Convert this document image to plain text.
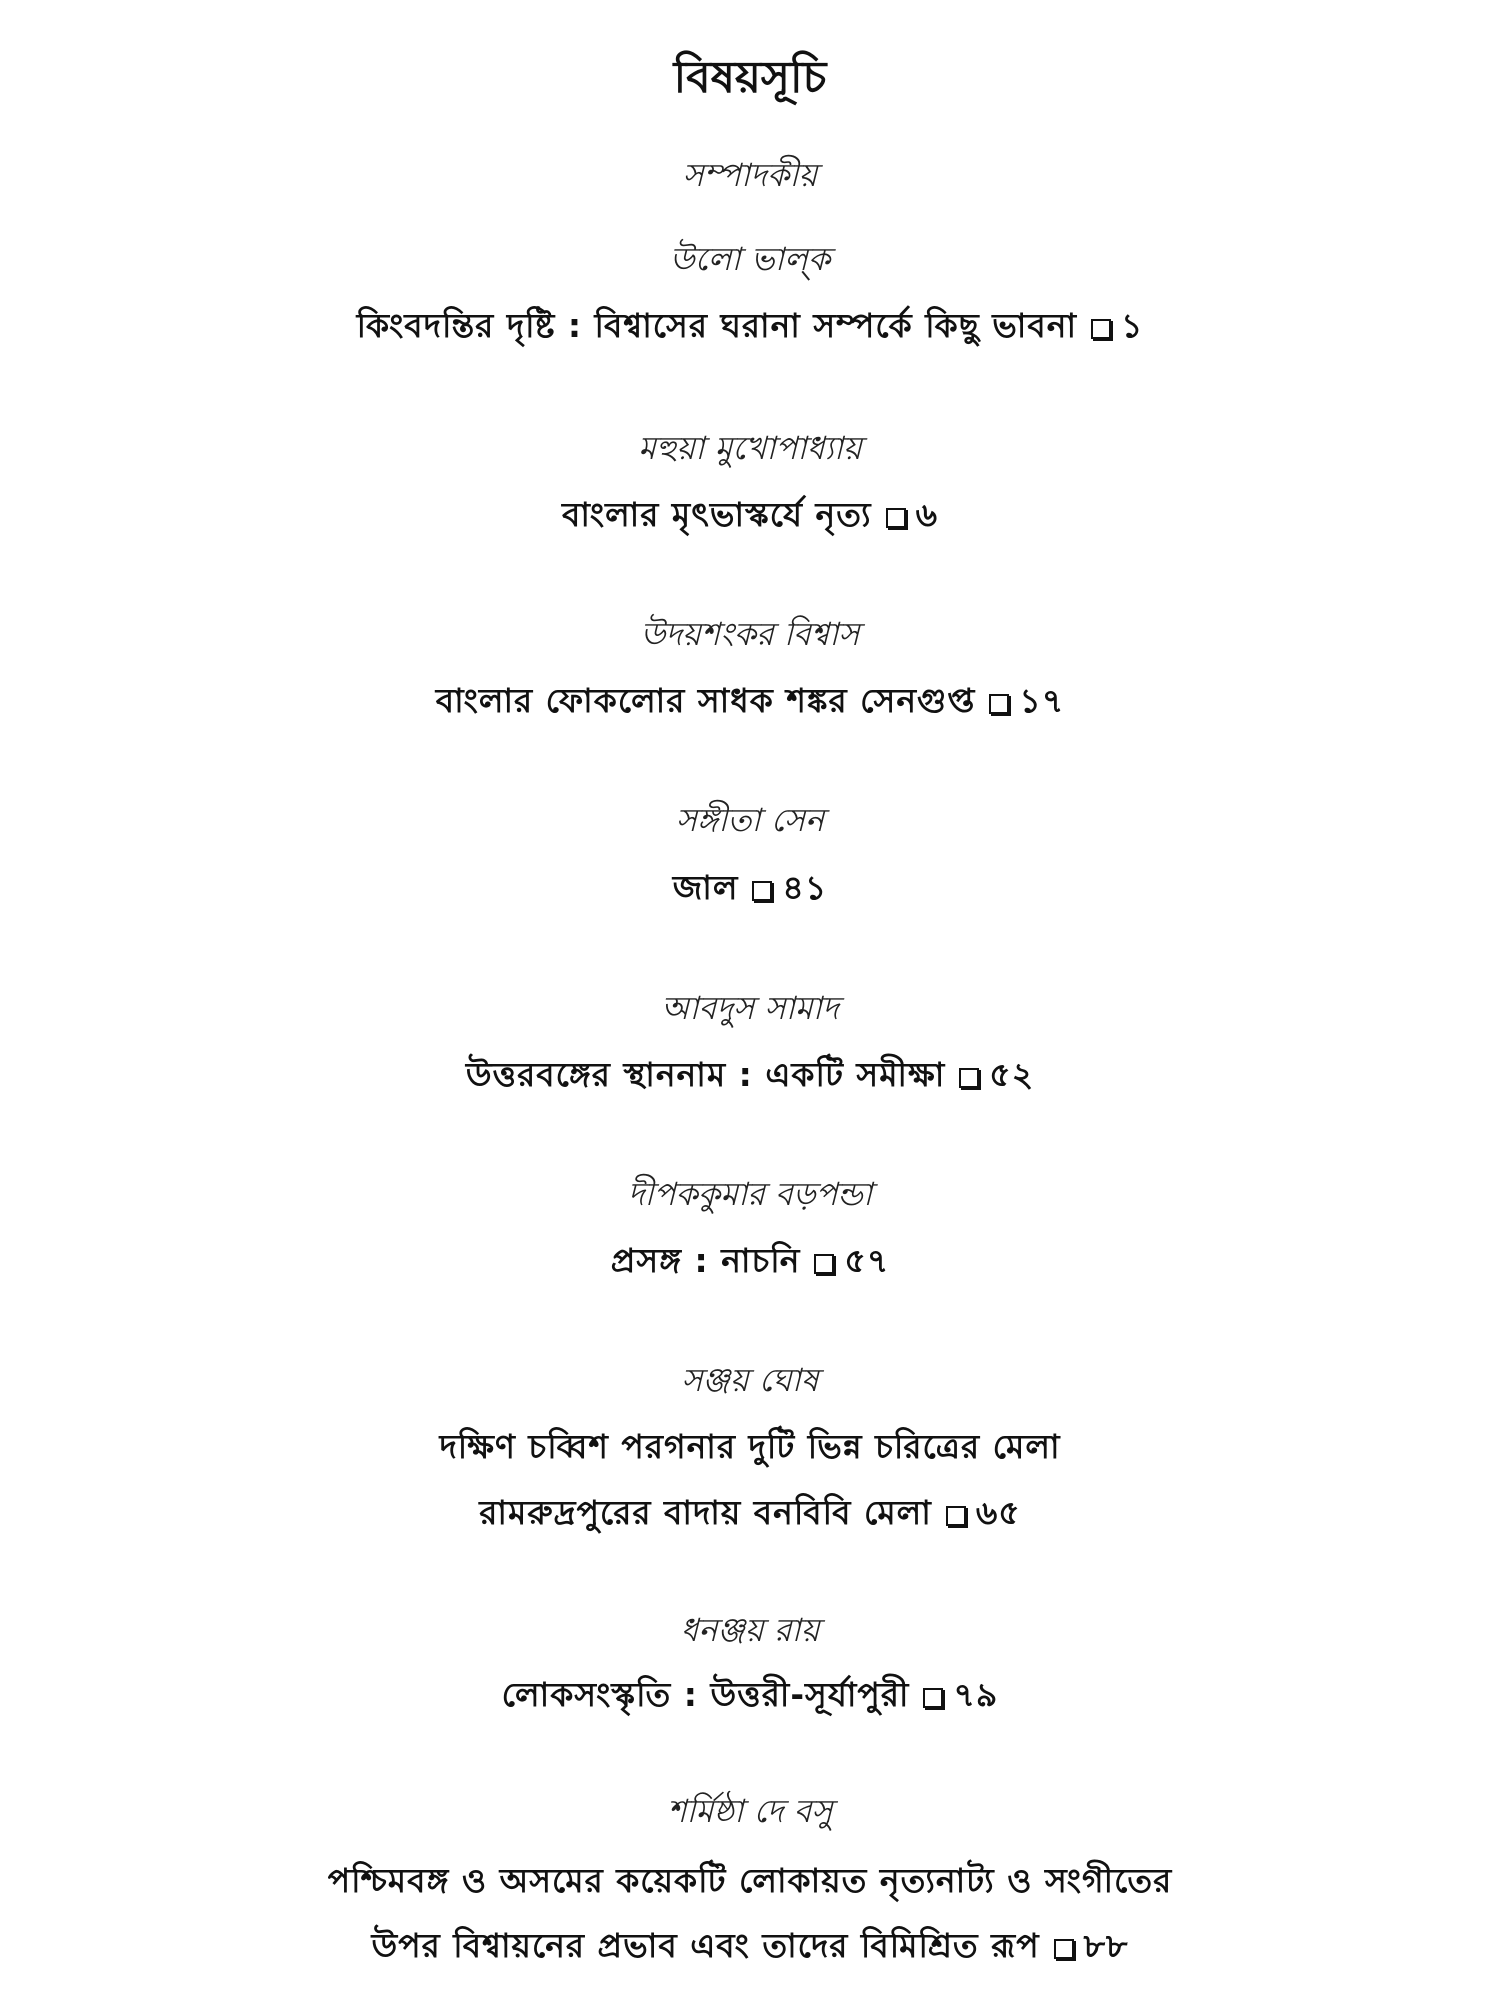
বিষয়সূচি
সম্পাদকীয়
উলো ভাল্‌ক
কিংবদন্তির দৃষ্টি : বিশ্বাসের ঘরানা সম্পর্কে কিছু ভাবনা ১
মহুয়া মুখোপাধ্যায়
বাংলার মৃৎভাস্কর্যে নৃত্য ৬
উদয়শংকর বিশ্বাস
বাংলার ফোকলোর সাধক শঙ্কর সেনগুপ্ত ১৭
সঙ্গীতা সেন
জাল ৪১
আবদুস সামাদ
উত্তরবঙ্গের স্থাননাম : একটি সমীক্ষা ৫২
দীপককুমার বড়পন্ডা
প্রসঙ্গ : নাচনি ৫৭
সঞ্জয় ঘোষ
দক্ষিণ চব্বিশ পরগনার দুটি ভিন্ন চরিত্রের মেলা
রামরুদ্রপুরের বাদায় বনবিবি মেলা ৬৫
ধনঞ্জয় রায়
লোকসংস্কৃতি : উত্তরী-সূর্যাপুরী ৭৯
শর্মিষ্ঠা দে বসু
পশ্চিমবঙ্গ ও অসমের কয়েকটি লোকায়ত নৃত্যনাট্য ও সংগীতের
উপর বিশ্বায়নের প্রভাব এবং তাদের বিমিশ্রিত রূপ ৮৮
